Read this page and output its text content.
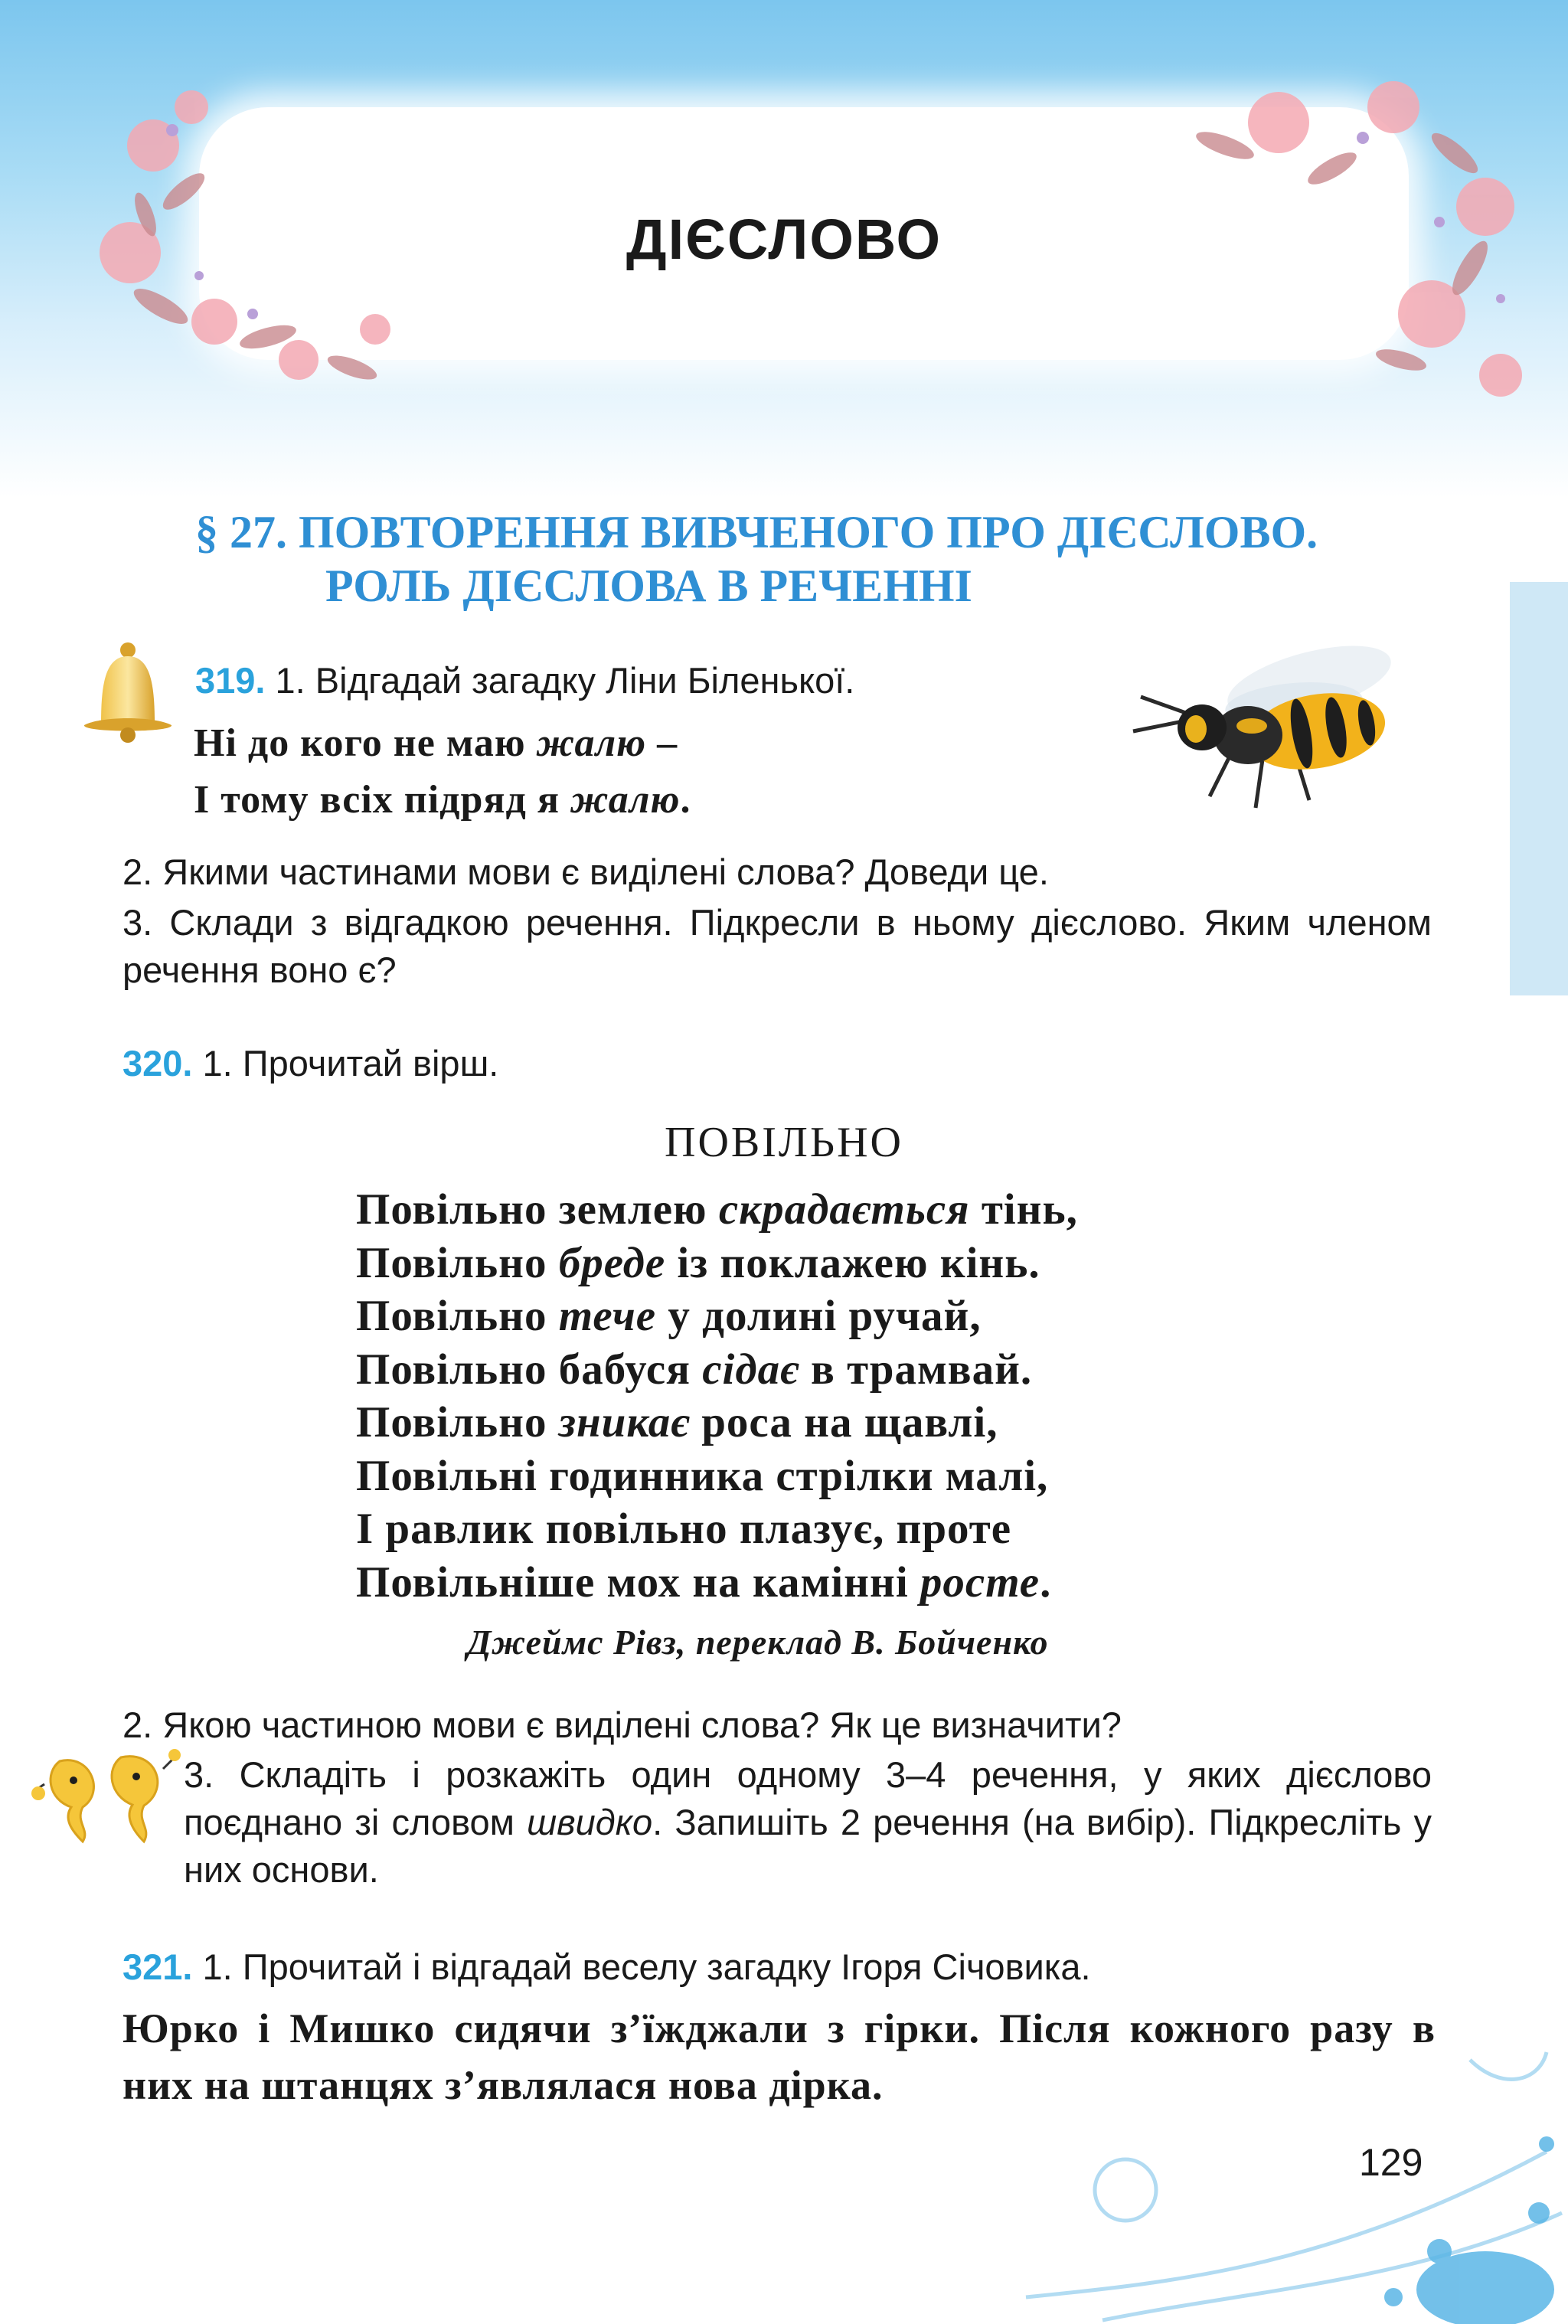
ДІЄСЛОВО
§ 27. ПОВТОРЕННЯ ВИВЧЕНОГО ПРО ДІЄСЛОВО.
РОЛЬ ДІЄСЛОВА В РЕЧЕННІ
319. 1. Відгадай загадку Ліни Біленької.
Ні до кого не маю жалю –
І тому всіх підряд я жалю.
2. Якими частинами мови є виділені слова? Доведи це.
3. Склади з відгадкою речення. Підкресли в ньому дієслово. Яким членом речення воно є?
320. 1. Прочитай вірш.
ПОВІЛЬНО
Повільно землею скрадається тінь,
Повільно бреде із поклажею кінь.
Повільно тече у долині ручай,
Повільно бабуся сідає в трамвай.
Повільно зникає роса на щавлі,
Повільні годинника стрілки малі,
І равлик повільно плазує, проте
Повільніше мох на камінні росте.
Джеймс Рівз, переклад В. Бойченко
2. Якою частиною мови є виділені слова? Як це визначити?
3. Складіть і розкажіть один одному 3–4 речення, у яких дієслово поєднано зі словом швидко. Запишіть 2 речення (на вибір). Підкресліть у них основи.
321. 1. Прочитай і відгадай веселу загадку Ігоря Січовика.
Юрко і Мишко сидячи з’їжджали з гірки. Після кожного разу в них на штанцях з’являлася нова дірка.
129
